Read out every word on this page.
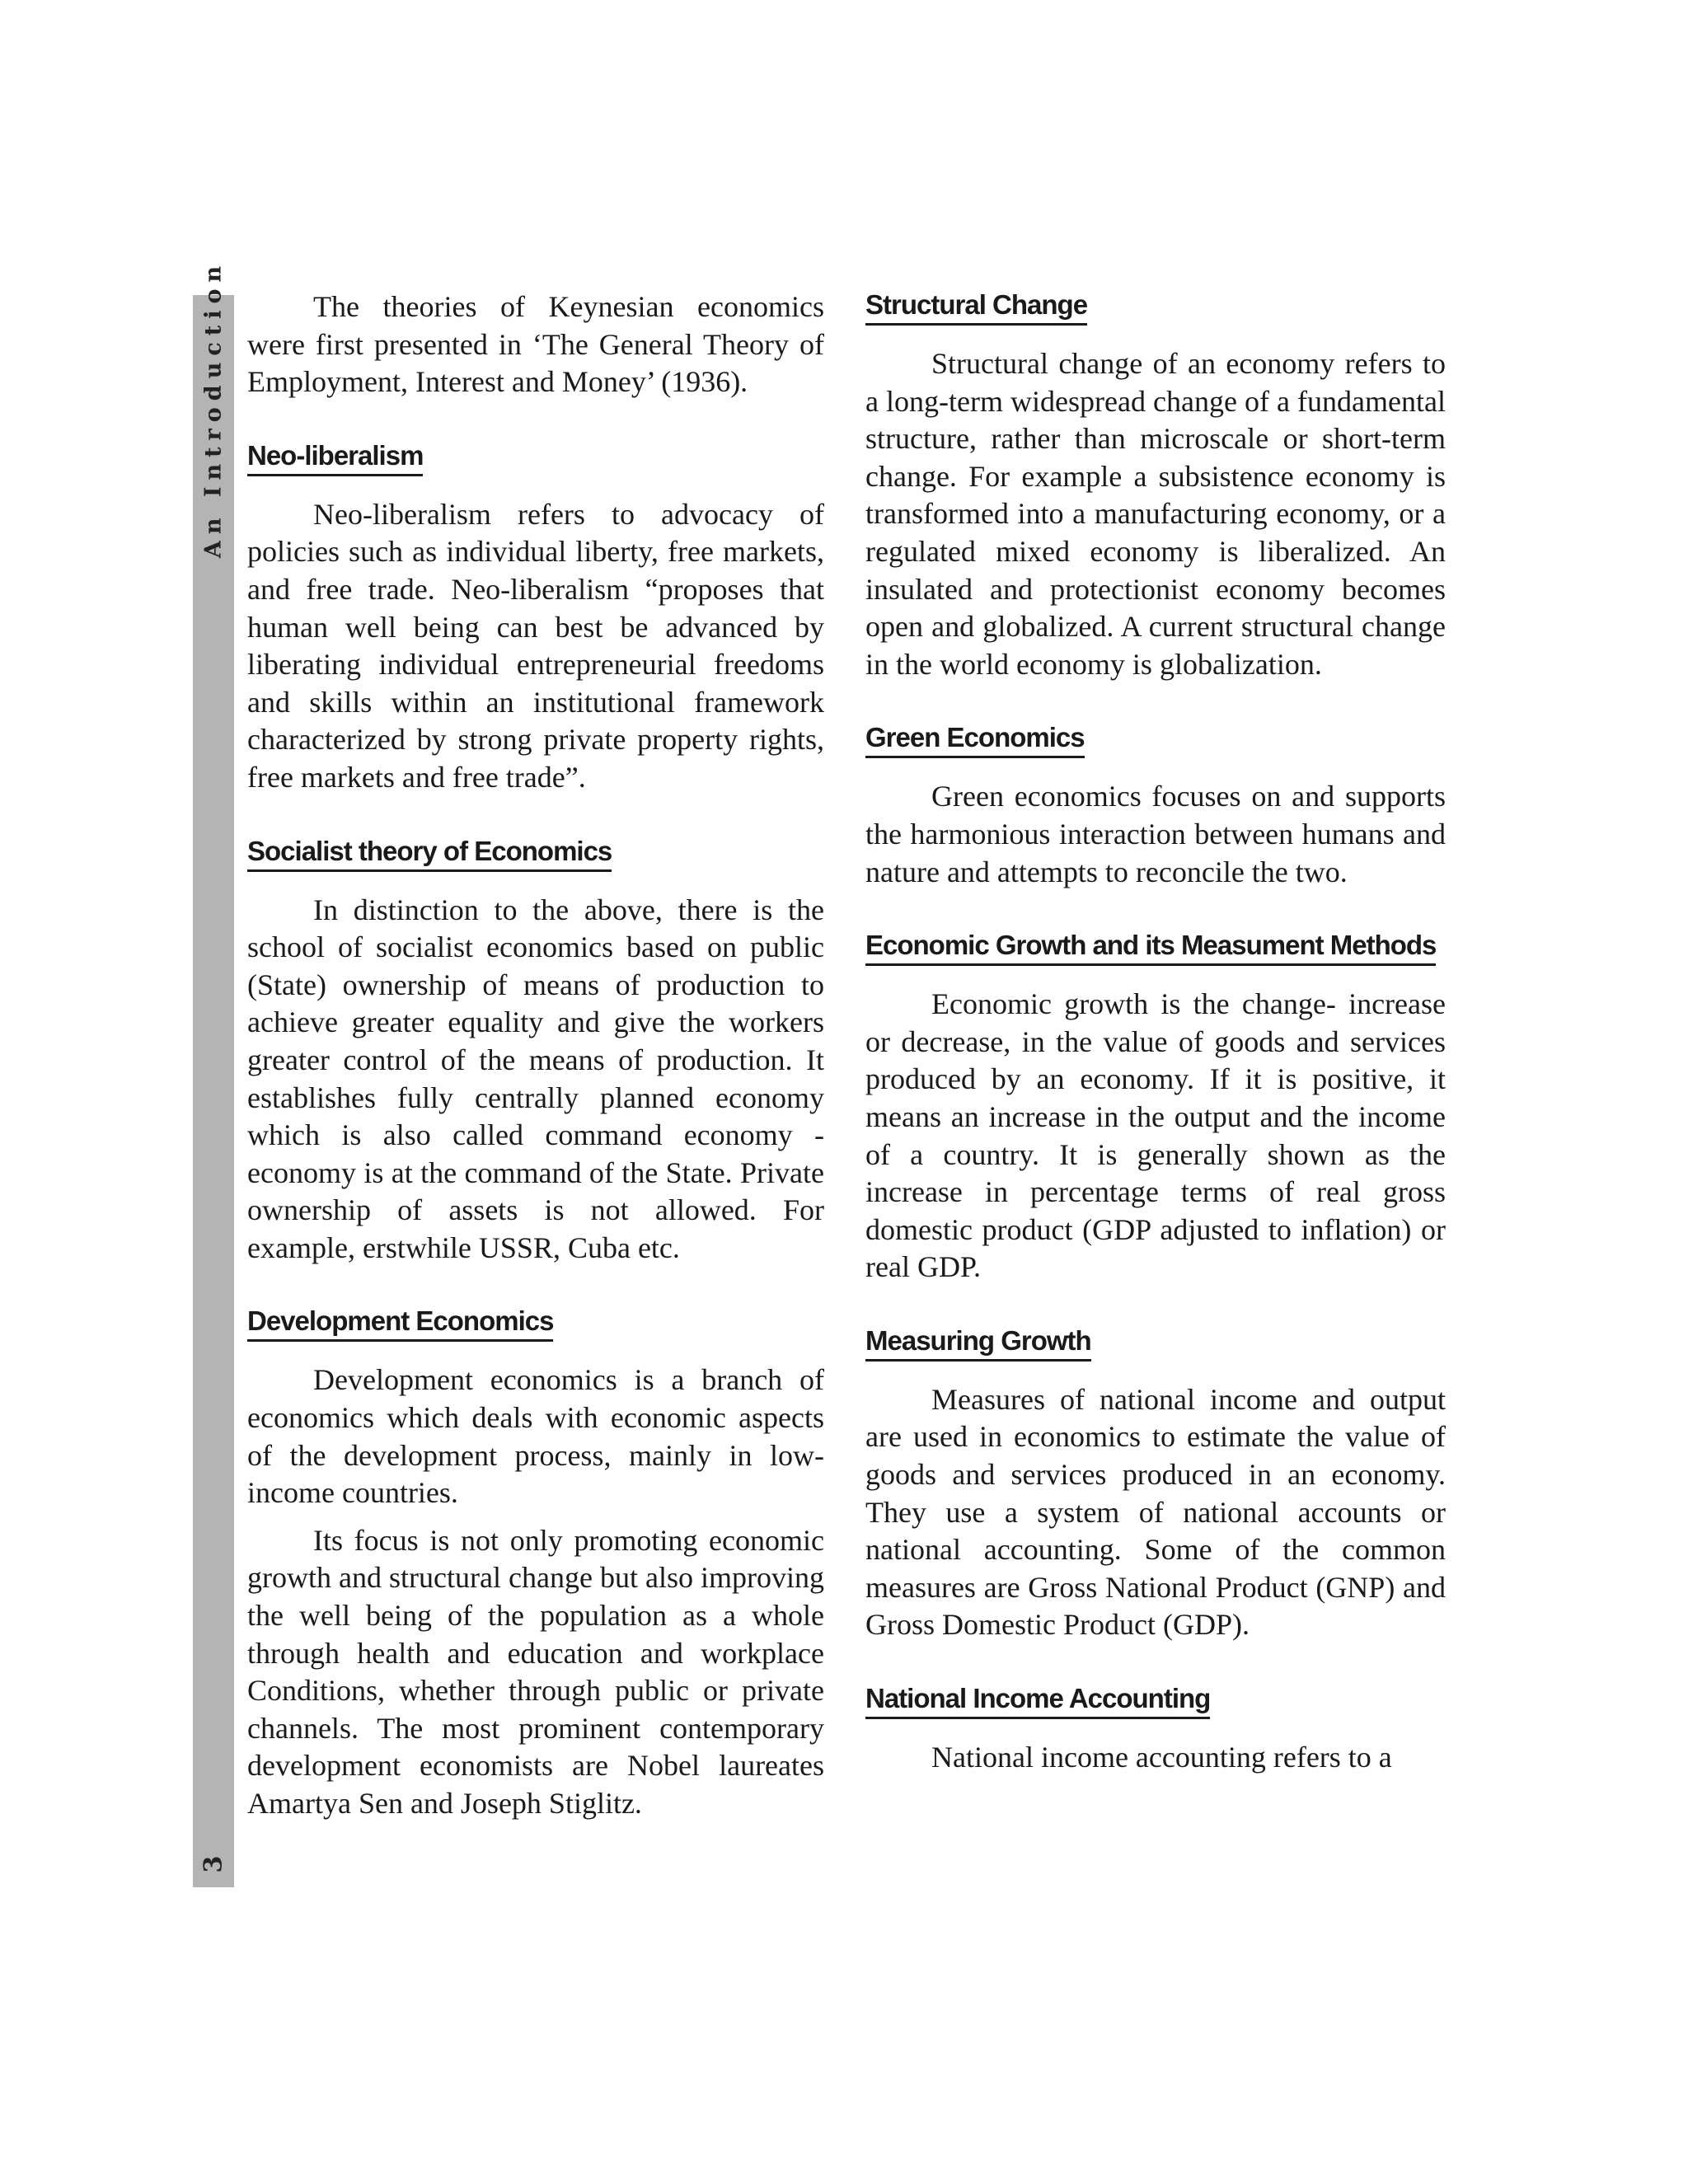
An Introduction
3

The theories of Keynesian economics were first presented in ‘The General Theory of Employment, Interest and Money’ (1936).

Neo-liberalism

Neo-liberalism refers to advocacy of policies such as individual liberty, free markets, and free trade. Neo-liberalism “proposes that human well being can best be advanced by liberating individual entrepreneurial freedoms and skills within an institutional framework characterized by strong private property rights, free markets and free trade”.

Socialist theory of Economics

In distinction to the above, there is the school of socialist economics based on public (State) ownership of means of production to achieve greater equality and give the workers greater control of the means of production. It establishes fully centrally planned economy which is also called command economy - economy is at the command of the State. Private ownership of assets is not allowed. For example, erstwhile USSR, Cuba etc.

Development Economics

Development economics is a branch of economics which deals with economic aspects of the development process, mainly in low-income countries.

Its focus is not only promoting economic growth and structural change but also improving the well being of the population as a whole through health and education and workplace Conditions, whether through public or private channels. The most prominent contemporary development economists are Nobel laureates Amartya Sen and Joseph Stiglitz.

Structural Change

Structural change of an economy refers to a long-term widespread change of a fundamental structure, rather than microscale or short-term change. For example a subsistence economy is transformed into a manufacturing economy, or a regulated mixed economy is liberalized. An insulated and protectionist economy becomes open and globalized. A current structural change in the world economy is globalization.

Green Economics

Green economics focuses on and supports the harmonious interaction between humans and nature and attempts to reconcile the two.

Economic Growth and its Measument Methods

Economic growth is the change- increase or decrease, in the value of goods and services produced by an economy. If it is positive, it means an increase in the output and the income of a country. It is generally shown as the increase in percentage terms of real gross domestic product (GDP adjusted to inflation) or real GDP.

Measuring Growth

Measures of national income and output are used in economics to estimate the value of goods and services produced in an economy. They use a system of national accounts or national accounting. Some of the common measures are Gross National Product (GNP) and Gross Domestic Product (GDP).

National Income Accounting

National income accounting refers to a
